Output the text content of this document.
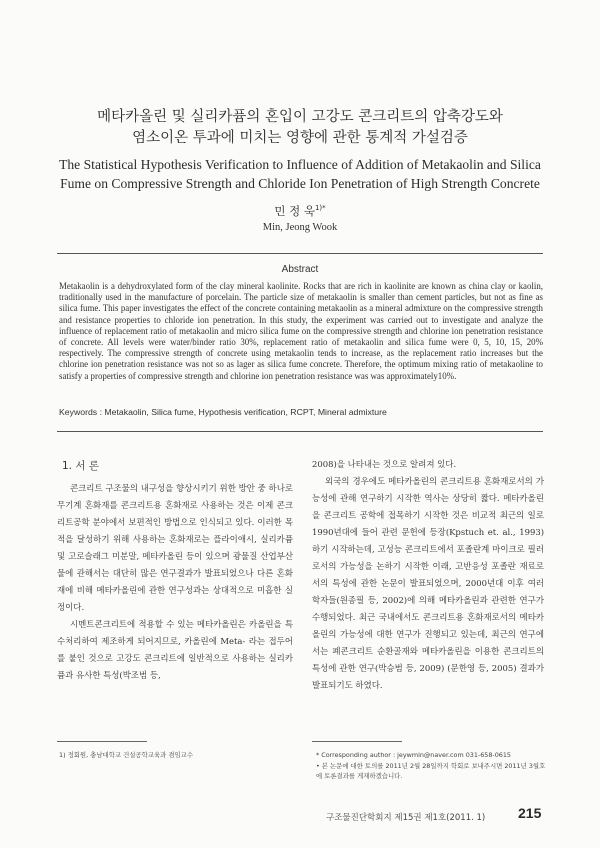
메타카올린 및 실리카퓸의 혼입이 고강도 콘크리트의 압축강도와
염소이온 투과에 미치는 영향에 관한 통계적 가설검증
The Statistical Hypothesis Verification to Influence of Addition of Metakaolin and Silica
Fume on Compressive Strength and Chloride Ion Penetration of High Strength Concrete
민 정 욱$^{1)*}$
Min, Jeong Wook
Abstract
Metakaolin is a dehydroxylated form of the clay mineral kaolinite. Rocks that are rich in kaolinite are known as china clay or kaolin, traditionally used in the manufacture of porcelain. The particle size of metakaolin is smaller than cement particles, but not as fine as silica fume. This paper investigates the effect of the concrete containing metakaolin as a mineral admixture on the compressive strength and resistance properties to chloride ion penetration. In this study, the experiment was carried out to investigate and analyze the influence of replacement ratio of metakaolin and micro silica fume on the compressive strength and chlorine ion penetration resistance of concrete. All levels were water/binder ratio 30%, replacement ratio of metakaolin and silica fume were 0, 5, 10, 15, 20% respectively. The compressive strength of concrete using metakaolin tends to increase, as the replacement ratio increases but the chlorine ion penetration resistance was not so as lager as silica fume concrete. Therefore, the optimum mixing ratio of metakaoline to satisfy a properties of compressive strength and chlorine ion penetration resistance was was approximately10%.
Keywords : Metakaolin, Silica fume, Hypothesis verification, RCPT, Mineral admixture
1. 서 론

콘크리트 구조물의 내구성을 향상시키기 위한 방안 중 하나로 무기계 혼화재를 콘크리트용 혼화재로 사용하는 것은 이제 콘크리트공학 분야에서 보편적인 방법으로 인식되고 있다. 이러한 목적을 달성하기 위해 사용하는 혼화재로는 플라이애시, 실리카퓸 및 고로슬래그 미분말, 메타카올린 등이 있으며 광물질 산업부산물에 관해서는 대단히 많은 연구결과가 발표되었으나 다른 혼화재에 비해 메타카올린에 관한 연구성과는 상대적으로 미흡한 실정이다.

시멘트콘크리트에 적용할 수 있는 메타카올린은 카올린을 특수처리하여 제조하게 되어지므로, 카올린에 Meta- 라는 접두어를 붙인 것으로 고강도 콘크리트에 일반적으로 사용하는 실리카퓸과 유사한 특성(박조범 등,

2008)을 나타내는 것으로 알려져 있다.

외국의 경우에도 메타카올린의 콘크리트용 혼화재로서의 가능성에 관해 연구하기 시작한 역사는 상당히 짧다. 메타카올린을 콘크리트 공학에 접목하기 시작한 것은 비교적 최근의 일로 1990년대에 들어 관련 문헌에 등장(Kpstuch et. al., 1993)하기 시작하는데, 고성능 콘크리트에서 포졸란계 마이크로 필러로서의 가능성을 논하기 시작한 이래, 고반응성 포졸란 재료로서의 특성에 관한 논문이 발표되었으며, 2000년대 이후 여러 학자들(원종필 등, 2002)에 의해 메타카올린과 관련한 연구가 수행되었다. 최근 국내에서도 콘크리트용 혼화재로서의 메타카올린의 가능성에 대한 연구가 진행되고 있는데, 최근의 연구에서는 폐콘크리트 순환골재와 메타카올린을 이용한 콘크리트의 특성에 관한 연구(박승범 등, 2009) (문한영 등, 2005) 결과가 발표되기도 하였다.

1) 정회원, 충남대학교 건설공학교육과 겸임교수	* Corresponding author : jeywmin@naver.com 031-658-0615
• 본 논문에 대한 토의를 2011년 2월 28일까지 학회로 보내주시면 2011년 3월호에 토론결과를 게재하겠습니다.
구조물진단학회지 제15권 제1호(2011. 1) 215
